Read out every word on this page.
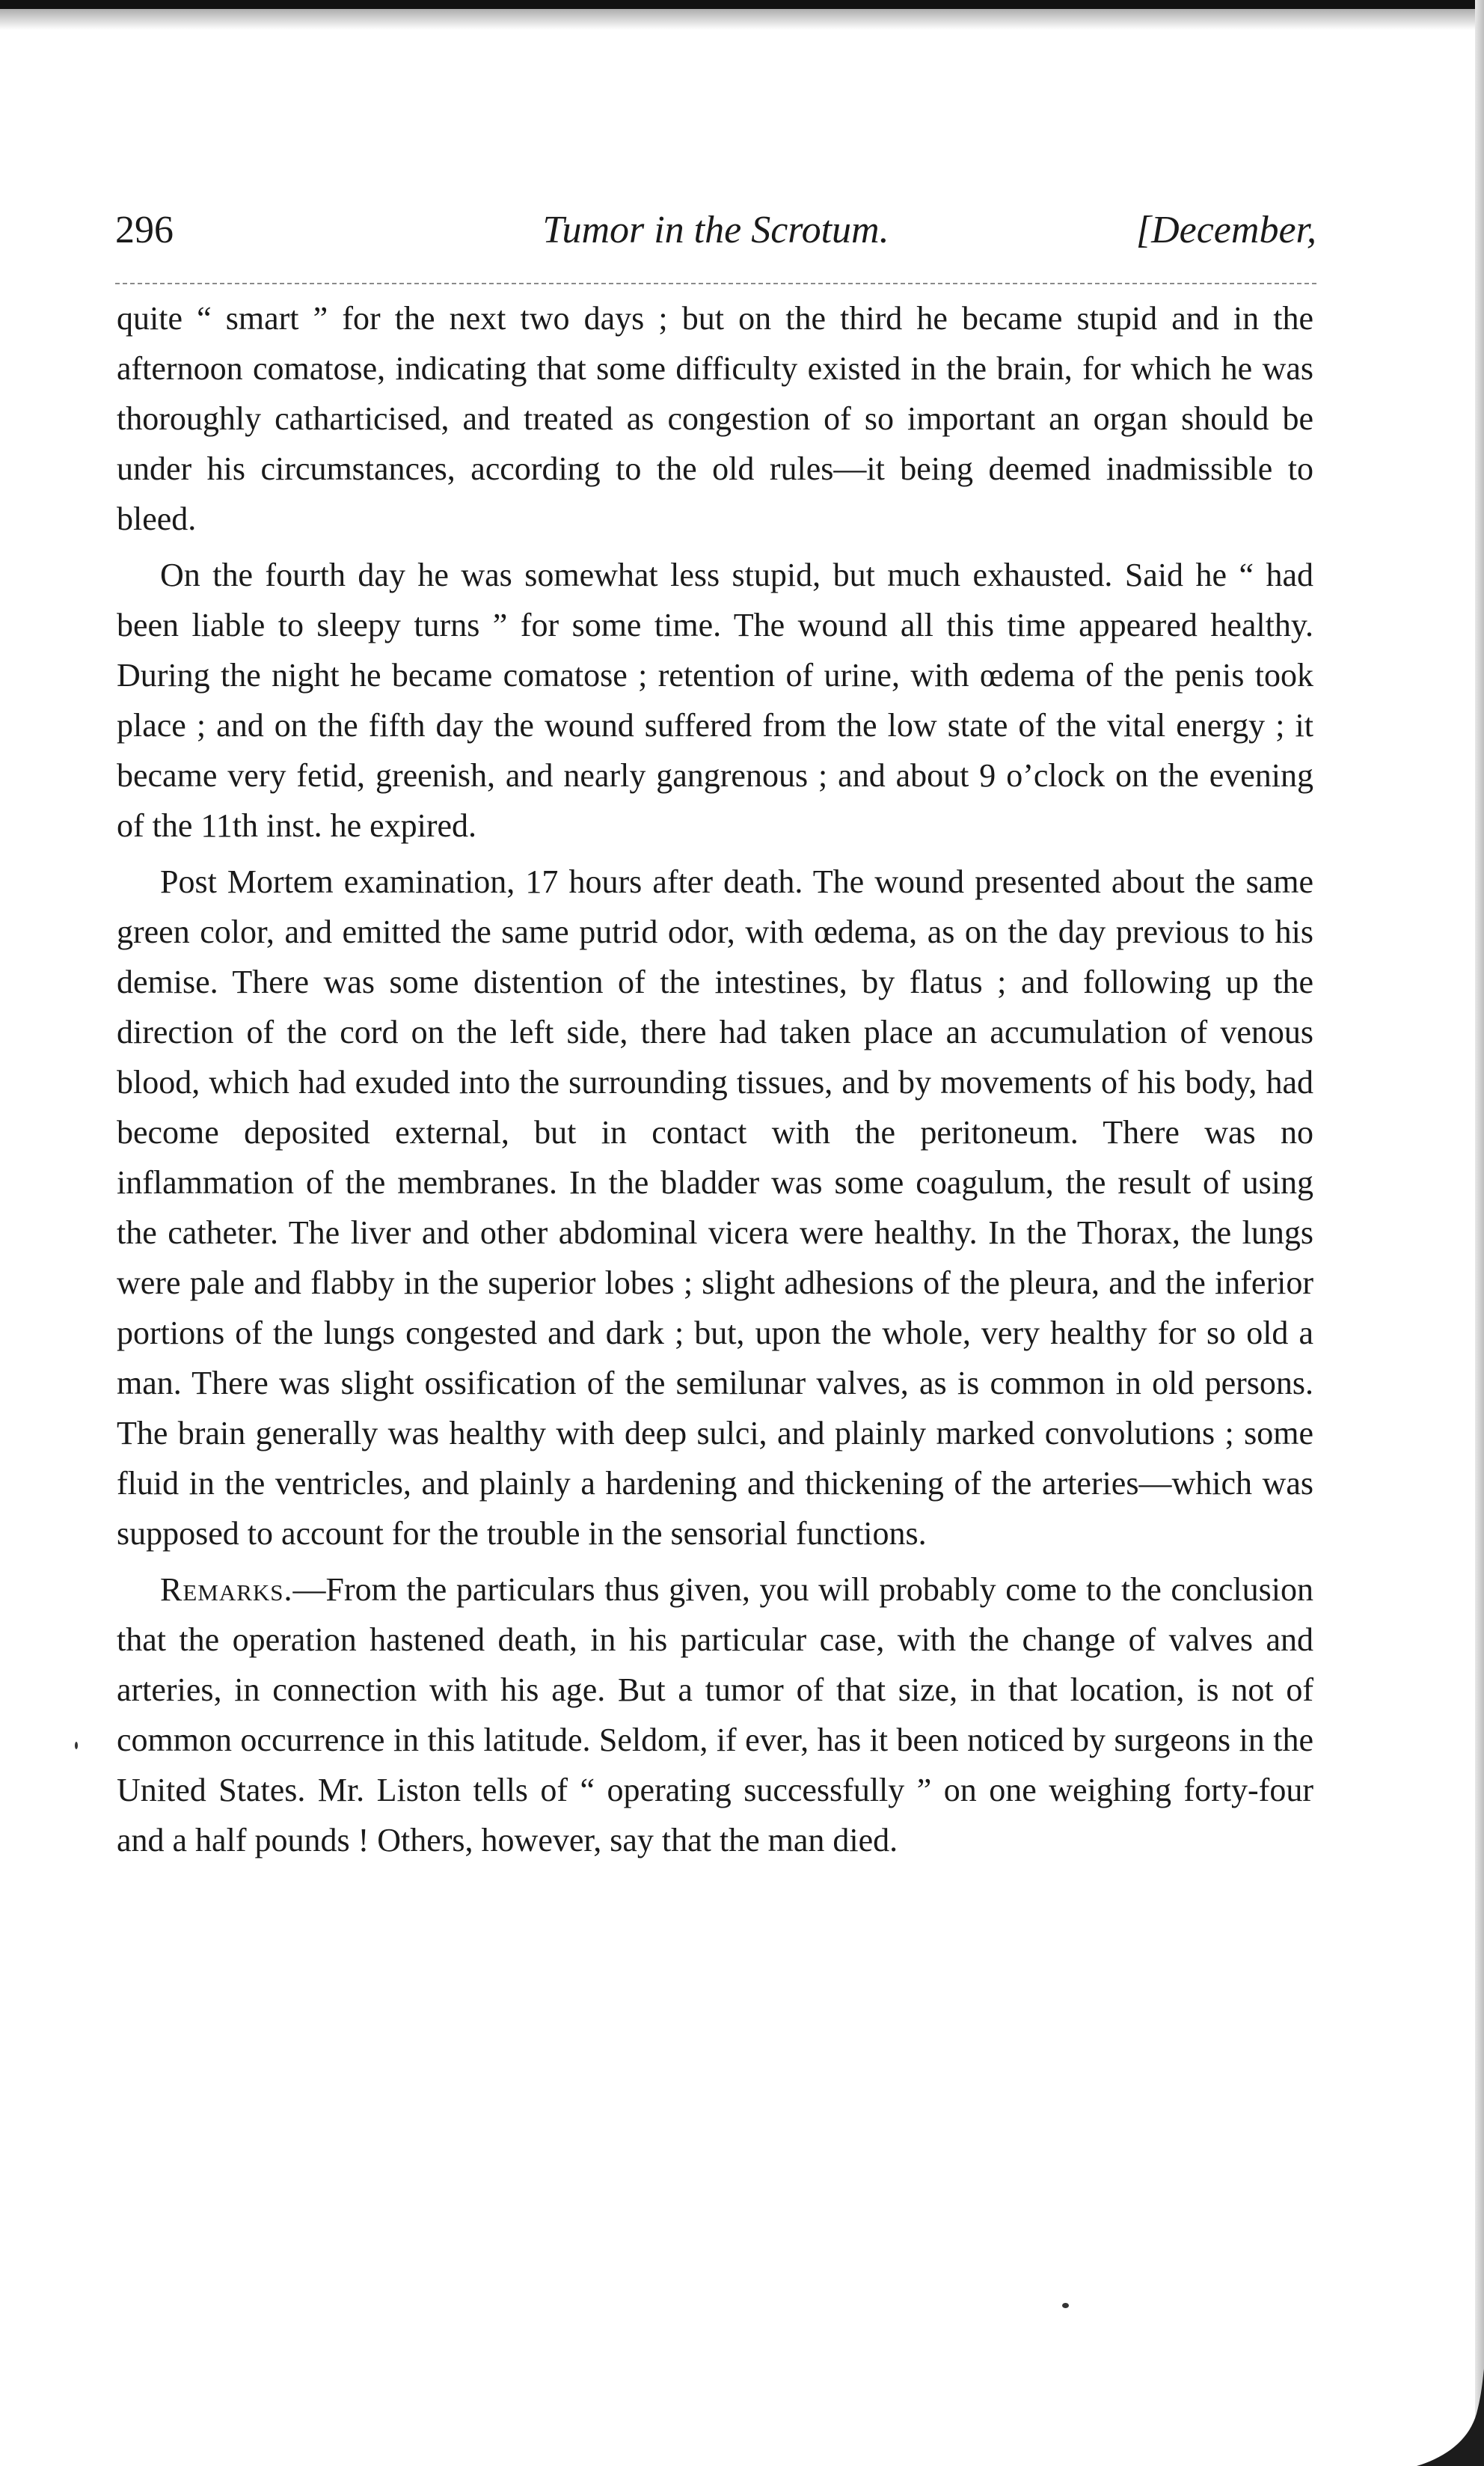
296	Tumor in the Scrotum.	[December,

quite “ smart ” for the next two days ; but on the third he became stupid and in the afternoon comatose, indicating that some difficulty existed in the brain, for which he was thoroughly catharticised, and treated as congestion of so important an organ should be under his circumstances, according to the old rules—it being deemed inadmissible to bleed.

On the fourth day he was somewhat less stupid, but much exhausted. Said he “ had been liable to sleepy turns ” for some time. The wound all this time appeared healthy. During the night he became comatose ; retention of urine, with œdema of the penis took place ; and on the fifth day the wound suffered from the low state of the vital energy ; it became very fetid, greenish, and nearly gangrenous ; and about 9 o’clock on the evening of the 11th inst. he expired.

Post Mortem examination, 17 hours after death. The wound presented about the same green color, and emitted the same putrid odor, with œdema, as on the day previous to his demise. There was some distention of the intestines, by flatus ; and following up the direction of the cord on the left side, there had taken place an accumulation of venous blood, which had exuded into the surrounding tissues, and by movements of his body, had become deposited external, but in contact with the peritoneum. There was no inflammation of the membranes. In the bladder was some coagulum, the result of using the catheter. The liver and other abdominal vicera were healthy. In the Thorax, the lungs were pale and flabby in the superior lobes ; slight adhesions of the pleura, and the inferior portions of the lungs congested and dark ; but, upon the whole, very healthy for so old a man. There was slight ossification of the semilunar valves, as is common in old persons. The brain generally was healthy with deep sulci, and plainly marked convolutions ; some fluid in the ventricles, and plainly a hardening and thickening of the arteries—which was supposed to account for the trouble in the sensorial functions.

Remarks.—From the particulars thus given, you will probably come to the conclusion that the operation hastened death, in his particular case, with the change of valves and arteries, in connection with his age. But a tumor of that size, in that location, is not of common occurrence in this latitude. Seldom, if ever, has it been noticed by surgeons in the United States. Mr. Liston tells of “ operating successfully ” on one weighing forty-four and a half pounds ! Others, however, say that the man died.
